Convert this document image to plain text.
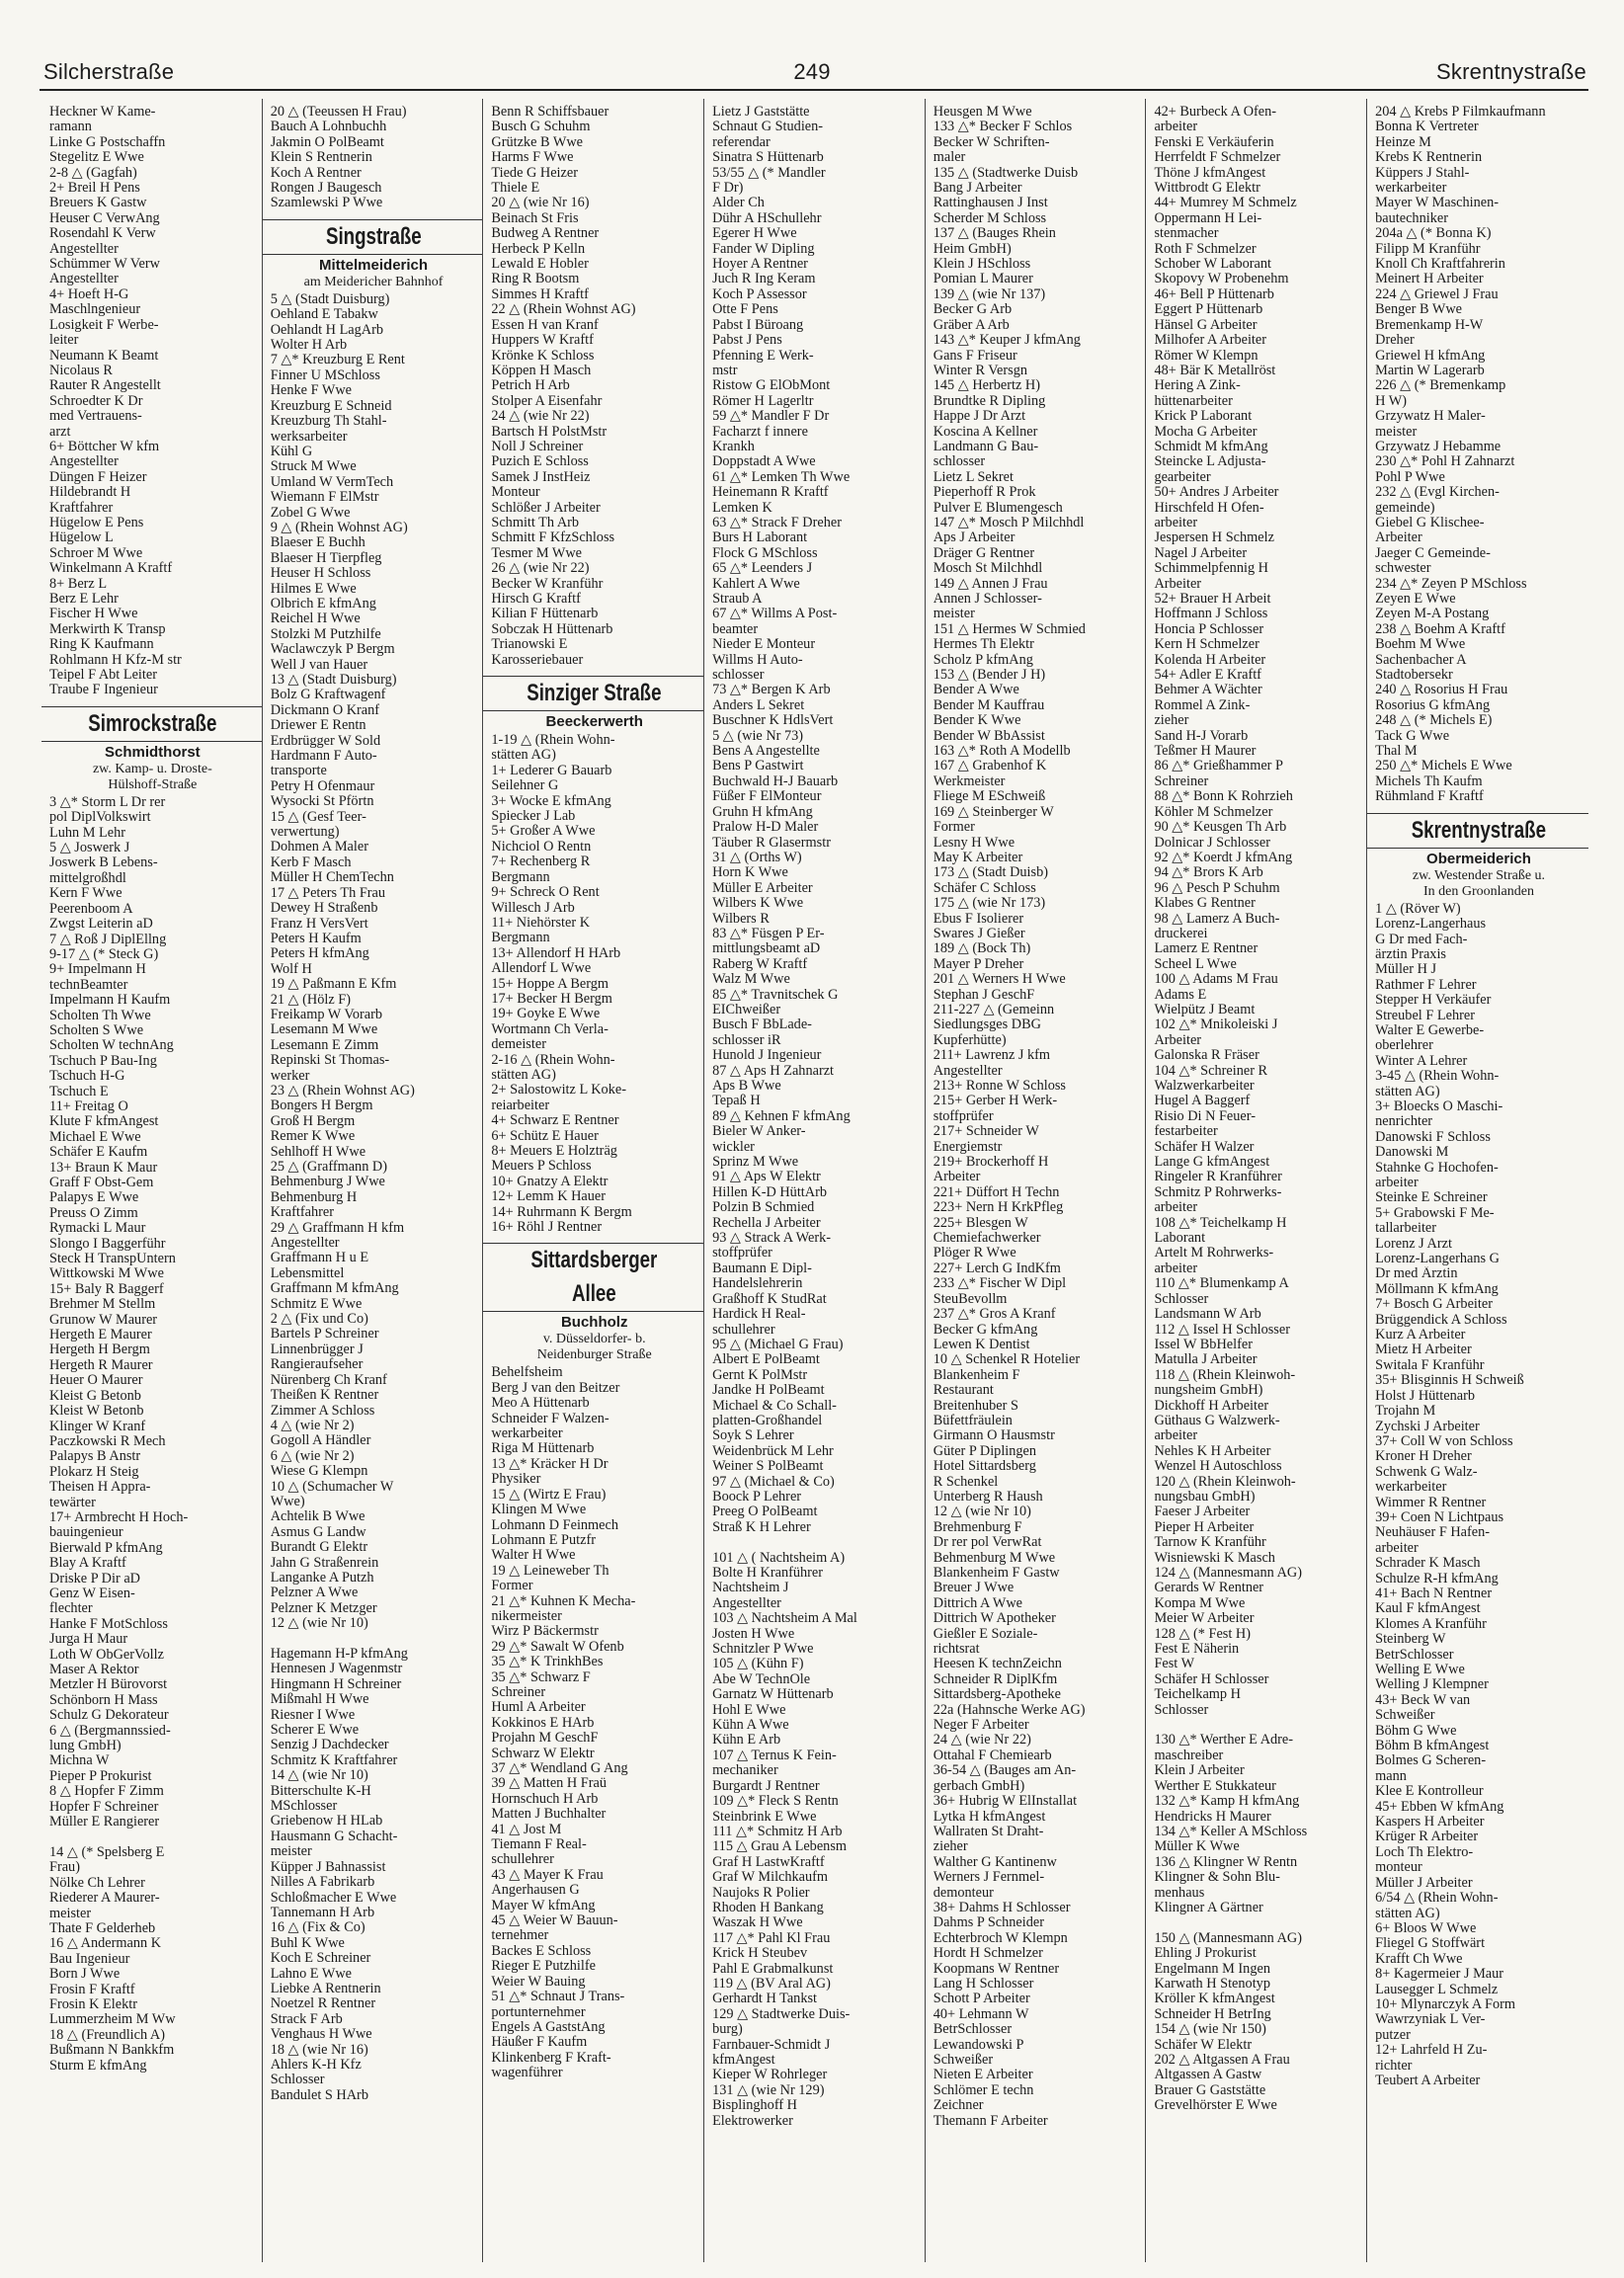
Silcherstraße	249	Skrentnystraße
Heckner W Kame-
ramann
Linke G Postschaffn
Stegelitz E Wwe
2-8 △ (Gagfah)
2+ Breil H Pens
Breuers K Gastw
Heuser C VerwAng
Rosendahl K Verw
Angestellter
Schümmer W Verw
Angestellter
4+ Hoeft H-G
Maschlngenieur
Losigkeit F Werbe-
leiter
Neumann K Beamt
Nicolaus R
Rauter R Angestellt
Schroedter K Dr
med Vertrauens-
arzt
6+ Böttcher W kfm
Angestellter
Düngen F Heizer
Hildebrandt H
Kraftfahrer
Hügelow E Pens
Hügelow L
Schroer M Wwe
Winkelmann A Kraftf
8+ Berz L
Berz E Lehr
Fischer H Wwe
Merkwirth K Transp
Ring K Kaufmann
Rohlmann H Kfz-M str
Teipel F Abt Leiter
Traube F Ingenieur
Simrockstraße
Schmidthorst
zw. Kamp- u. Droste-
Hülshoff-Straße
3 △* Storm L Dr rer
pol DiplVolkswirt
Luhn M Lehr
5 △ Joswerk J
Joswerk B Lebens-
mittelgroßhdl
Kern F Wwe
Peerenboom A
Zwgst Leiterin aD
7 △ Roß J DiplEllng
9-17 △ (* Steck G)
9+ Impelmann H
technBeamter
Impelmann H Kaufm
Scholten Th Wwe
Scholten S Wwe
Scholten W technAng
Tschuch P Bau-Ing
Tschuch H-G
Tschuch E
11+ Freitag O
Klute F kfmAngest
Michael E Wwe
Schäfer E Kaufm
13+ Braun K Maur
Graff F Obst-Gem
Palapys E Wwe
Preuss O Zimm
Rymacki L Maur
Slongo I Baggerführ
Steck H TranspUntern
Wittkowski M Wwe
15+ Baly R Baggerf
Brehmer M Stellm
Grunow W Maurer
Hergeth E Maurer
Hergeth H Bergm
Hergeth R Maurer
Heuer O Maurer
Kleist G Betonb
Kleist W Betonb
Klinger W Kranf
Paczkowski R Mech
Palapys B Anstr
Plokarz H Steig
Theisen H Appra-
tewärter
17+ Armbrecht H Hoch-
bauingenieur
Bierwald P kfmAng
Blay A Kraftf
Driske P Dir aD
Genz W Eisen-
flechter
Hanke F MotSchloss
Jurga H Maur
Loth W ObGerVollz
Maser A Rektor
Metzler H Bürovorst
Schönborn H Mass
Schulz G Dekorateur
6 △ (Bergmannssied-
lung GmbH)
Michna W
Pieper P Prokurist
8 △ Hopfer F Zimm
Hopfer F Schreiner
Müller E Rangierer

14 △ (* Spelsberg E
Frau)
Nölke Ch Lehrer
Riederer A Maurer-
meister
Thate F Gelderheb
16 △ Andermann K
Bau Ingenieur
Born J Wwe
Frosin F Kraftf
Frosin K Elektr
Lummerzheim M Ww
18 △ (Freundlich A)
Bußmann N Bankkfm
Sturm E kfmAng
20 △ (Teeussen H Frau)
Bauch A Lohnbuchh
Jakmin O PolBeamt
Klein S Rentnerin
Koch A Rentner
Rongen J Baugesch
Szamlewski P Wwe
Singstraße
Mittelmeiderich
am Meidericher Bahnhof
5 △ (Stadt Duisburg)
Oehland E Tabakw
Oehlandt H LagArb
Wolter H Arb
7 △* Kreuzburg E Rent
Finner U MSchloss
Henke F Wwe
Kreuzburg E Schneid
Kreuzburg Th Stahl-
werksarbeiter
Kühl G
Struck M Wwe
Umland W VermTech
Wiemann F ElMstr
Zobel G Wwe
9 △ (Rhein Wohnst AG)
Blaeser E Buchh
Blaeser H Tierpfleg
Heuser H Schloss
Hilmes E Wwe
Olbrich E kfmAng
Reichel H Wwe
Stolzki M Putzhilfe
Waclawczyk P Bergm
Well J van Hauer
13 △ (Stadt Duisburg)
Bolz G Kraftwagenf
Dickmann O Kranf
Driewer E Rentn
Erdbrügger W Sold
Hardmann F Auto-
transporte
Petry H Ofenmaur
Wysocki St Pförtn
15 △ (Gesf Teer-
verwertung)
Dohmen A Maler
Kerb F Masch
Müller H ChemTechn
17 △ Peters Th Frau
Dewey H Straßenb
Franz H VersVert
Peters H Kaufm
Peters H kfmAng
Wolf H
19 △ Paßmann E Kfm
21 △ (Hölz F)
Freikamp W Vorarb
Lesemann M Wwe
Lesemann E Zimm
Repinski St Thomas-
werker
23 △ (Rhein Wohnst AG)
Bongers H Bergm
Groß H Bergm
Remer K Wwe
Sehlhoff H Wwe
25 △ (Graffmann D)
Behmenburg J Wwe
Behmenburg H
Kraftfahrer
29 △ Graffmann H kfm
Angestellter
Graffmann H u E
Lebensmittel
Graffmann M kfmAng
Schmitz E Wwe
2 △ (Fix und Co)
Bartels P Schreiner
Linnenbrügger J
Rangieraufseher
Nürenberg Ch Kranf
Theißen K Rentner
Zimmer A Schloss
4 △ (wie Nr 2)
Gogoll A Händler
6 △ (wie Nr 2)
Wiese G Klempn
10 △ (Schumacher W
Wwe)
Achtelik B Wwe
Asmus G Landw
Burandt G Elektr
Jahn G Straßenrein
Langanke A Putzh
Pelzner A Wwe
Pelzner K Metzger
12 △ (wie Nr 10)

Hagemann H-P kfmAng
Hennesen J Wagenmstr
Hingmann H Schreiner
Mißmahl H Wwe
Riesner I Wwe
Scherer E Wwe
Senzig J Dachdecker
Schmitz K Kraftfahrer
14 △ (wie Nr 10)
Bitterschulte K-H
MSchlosser
Griebenow H HLab
Hausmann G Schacht-
meister
Küpper J Bahnassist
Nilles A Fabrikarb
Schloßmacher E Wwe
Tannemann H Arb
16 △ (Fix & Co)
Buhl K Wwe
Koch E Schreiner
Lahno E Wwe
Liebke A Rentnerin
Noetzel R Rentner
Strack F Arb
Venghaus H Wwe
18 △ (wie Nr 16)
Ahlers K-H Kfz
Schlosser
Bandulet S HArb
Benn R Schiffsbauer
Busch G Schuhm
Grützke B Wwe
Harms F Wwe
Tiede G Heizer
Thiele E
20 △ (wie Nr 16)
Beinach St Fris
Budweg A Rentner
Herbeck P Kelln
Lewald E Hobler
Ring R Bootsm
Simmes H Kraftf
22 △ (Rhein Wohnst AG)
Essen H van Kranf
Huppers W Kraftf
Krönke K Schloss
Köppen H Masch
Petrich H Arb
Stolper A Eisenfahr
24 △ (wie Nr 22)
Bartsch H PolstMstr
Noll J Schreiner
Puzich E Schloss
Samek J InstHeiz
Monteur
Schlößer J Arbeiter
Schmitt Th Arb
Schmitt F KfzSchloss
Tesmer M Wwe
26 △ (wie Nr 22)
Becker W Kranführ
Hirsch G Kraftf
Kilian F Hüttenarb
Sobczak H Hüttenarb
Trianowski E
Karosseriebauer
Sinziger Straße
Beeckerwerth
1-19 △ (Rhein Wohn-
stätten AG)
1+ Lederer G Bauarb
Seilehner G
3+ Wocke E kfmAng
Spiecker J Lab
5+ Großer A Wwe
Nichciol O Rentn
7+ Rechenberg R
Bergmann
9+ Schreck O Rent
Willesch J Arb
11+ Niehörster K
Bergmann
13+ Allendorf H HArb
Allendorf L Wwe
15+ Hoppe A Bergm
17+ Becker H Bergm
19+ Goyke E Wwe
Wortmann Ch Verla-
demeister
2-16 △ (Rhein Wohn-
stätten AG)
2+ Salostowitz L Koke-
reiarbeiter
4+ Schwarz E Rentner
6+ Schütz E Hauer
8+ Meuers E Holzträg
Meuers P Schloss
10+ Gnatzy A Elektr
12+ Lemm K Hauer
14+ Ruhrmann K Bergm
16+ Röhl J Rentner
Sittardsberger Allee
Buchholz
v. Düsseldorfer- b.
Neidenburger Straße
Behelfsheim
Berg J van den Beitzer
Meo A Hüttenarb
Schneider F Walzen-
werkarbeiter
Riga M Hüttenarb
13 △* Kräcker H Dr
Physiker
15 △ (Wirtz E Frau)
Klingen M Wwe
Lohmann D Feinmech
Lohmann E Putzfr
Walter H Wwe
19 △ Leineweber Th
Former
21 △* Kuhnen K Mecha-
nikermeister
Wirz P Bäckermstr
29 △* Sawalt W Ofenb
35 △* K TrinkhBes
35 △* Schwarz F
Schreiner
Huml A Arbeiter
Kokkinos E HArb
Projahn M GeschF
Schwarz W Elektr
37 △* Wendland G Ang
39 △ Matten H Fraü
Hornschuch H Arb
Matten J Buchhalter
41 △ Jost M
Tiemann F Real-
schullehrer
43 △ Mayer K Frau
Angerhausen G
Mayer W kfmAng
45 △ Weier W Bauun-
ternehmer
Backes E Schloss
Rieger E Putzhilfe
Weier W Bauing
51 △* Schnaut J Trans-
portunternehmer
Engels A GaststAng
Häußer F Kaufm
Klinkenberg F Kraft-
wagenführer
Lietz J Gaststätte
Schnaut G Studien-
referendar
Sinatra S Hüttenarb
53/55 △ (* Mandler
F Dr)
Alder Ch
Dühr A HSchullehr
Egerer H Wwe
Fander W Dipling
Hoyer A Rentner
Juch R Ing Keram
Koch P Assessor
Otte F Pens
Pabst I Büroang
Pabst J Pens
Pfenning E Werk-
mstr
Ristow G ElObMont
Römer H Lagerltr
59 △* Mandler F Dr
Facharzt f innere
Krankh
Doppstadt A Wwe
61 △* Lemken Th Wwe
Heinemann R Kraftf
Lemken K
63 △* Strack F Dreher
Burs H Laborant
Flock G MSchloss
65 △* Leenders J
Kahlert A Wwe
Straub A
67 △* Willms A Post-
beamter
Nieder E Monteur
Willms H Auto-
schlosser
73 △* Bergen K Arb
Anders L Sekret
Buschner K HdlsVert
5 △ (wie Nr 73)
Bens A Angestellte
Bens P Gastwirt
Buchwald H-J Bauarb
Füßer F ElMonteur
Gruhn H kfmAng
Pralow H-D Maler
Täuber R Glasermstr
31 △ (Orths W)
Horn K Wwe
Müller E Arbeiter
Wilbers K Wwe
Wilbers R
83 △* Füsgen P Er-
mittlungsbeamt aD
Raberg W Kraftf
Walz M Wwe
85 △* Travnitschek G
EIChweißer
Busch F BbLade-
schlosser iR
Hunold J Ingenieur
87 △ Aps H Zahnarzt
Aps B Wwe
Tepaß H
89 △ Kehnen F kfmAng
Bieler W Anker-
wickler
Sprinz M Wwe
91 △ Aps W Elektr
Hillen K-D HüttArb
Polzin B Schmied
Rechella J Arbeiter
93 △ Strack A Werk-
stoffprüfer
Baumann E Dipl-
Handelslehrerin
Graßhoff K StudRat
Hardick H Real-
schullehrer
95 △ (Michael G Frau)
Albert E PolBeamt
Gernt K PolMstr
Jandke H PolBeamt
Michael & Co Schall-
platten-Großhandel
Soyk S Lehrer
Weidenbrück M Lehr
Weiner S PolBeamt
97 △ (Michael & Co)
Boock P Lehrer
Preeg O PolBeamt
Straß K H Lehrer

101 △ ( Nachtsheim A)
Bolte H Kranführer
Nachtsheim J
Angestellter
103 △ Nachtsheim A Mal
Josten H Wwe
Schnitzler P Wwe
105 △ (Kühn F)
Abe W TechnOle
Garnatz W Hüttenarb
Hohl E Wwe
Kühn A Wwe
Kühn E Arb
107 △ Ternus K Fein-
mechaniker
Burgardt J Rentner
109 △* Fleck S Rentn
Steinbrink E Wwe
111 △* Schmitz H Arb
115 △ Grau A Lebensm
Graf H LastwKraftf
Graf W Milchkaufm
Naujoks R Polier
Rhoden H Bankang
Waszak H Wwe
117 △* Pahl Kl Frau
Krick H Steubev
Pahl E Grabmalkunst
119 △ (BV Aral AG)
Gerhardt H Tankst
129 △ Stadtwerke Duis-
burg)
Farnbauer-Schmidt J
kfmAngest
Kieper W Rohrleger
131 △ (wie Nr 129)
Bisplinghoff H
Elektrowerker
Heusgen M Wwe
133 △* Becker F Schlos
Becker W Schriften-
maler
135 △ (Stadtwerke Duisb
Bang J Arbeiter
Rattinghausen J Inst
Scherder M Schloss
137 △ (Bauges Rhein
Heim GmbH)
Klein J HSchloss
Pomian L Maurer
139 △ (wie Nr 137)
Becker G Arb
Gräber A Arb
143 △* Keuper J kfmAng
Gans F Friseur
Winter R Versgn
145 △ Herbertz H)
Brundtke R Dipling
Happe J Dr Arzt
Koscina A Kellner
Landmann G Bau-
schlosser
Lietz L Sekret
Pieperhoff R Prok
Pulver E Blumengesch
147 △* Mosch P Milchhdl
Aps J Arbeiter
Dräger G Rentner
Mosch St Milchhdl
149 △ Annen J Frau
Annen J Schlosser-
meister
151 △ Hermes W Schmied
Hermes Th Elektr
Scholz P kfmAng
153 △ (Bender J H)
Bender A Wwe
Bender M Kauffrau
Bender K Wwe
Bender W BbAssist
163 △* Roth A Modellb
167 △ Grabenhof K
Werkmeister
Fliege M ESchweiß
169 △ Steinberger W
Former
Lesny H Wwe
May K Arbeiter
173 △ (Stadt Duisb)
Schäfer C Schloss
175 △ (wie Nr 173)
Ebus F Isolierer
Swares J Gießer
189 △ (Bock Th)
Mayer P Dreher
201 △ Werners H Wwe
Stephan J GeschF
211-227 △ (Gemeinn
Siedlungsges DBG
Kupferhütte)
211+ Lawrenz J kfm
Angestellter
213+ Ronne W Schloss
215+ Gerber H Werk-
stoffprüfer
217+ Schneider W
Energiemstr
219+ Brockerhoff H
Arbeiter
221+ Düffort H Techn
223+ Nern H KrkPfleg
225+ Blesgen W
Chemiefachwerker
Plöger R Wwe
227+ Lerch G IndKfm
233 △* Fischer W Dipl
SteuBevollm
237 △* Gros A Kranf
Becker G kfmAng
Lewen K Dentist
10 △ Schenkel R Hotelier
Blankenheim F
Restaurant
Breitenhuber S
Büfettfräulein
Girmann O Hausmstr
Güter P Diplingen
Hotel Sittardsberg
R Schenkel
Unterberg R Haush
12 △ (wie Nr 10)
Brehmenburg F
Dr rer pol VerwRat
Behmenburg M Wwe
Blankenheim F Gastw
Breuer J Wwe
Dittrich A Wwe
Dittrich W Apotheker
Gießler E Soziale-
richtsrat
Heesen K technZeichn
Schneider R DiplKfm
Sittardsberg-Apotheke
22a (Hahnsche Werke AG)
Neger F Arbeiter
24 △ (wie Nr 22)
Ottahal F Chemiearb
36-54 △ (Bauges am An-
gerbach GmbH)
36+ Hubrig W ElInstallat
Lytka H kfmAngest
Wallraten St Draht-
zieher
Walther G Kantinenw
Werners J Fernmel-
demonteur
38+ Dahms H Schlosser
Dahms P Schneider
Echterbroch W Klempn
Hordt H Schmelzer
Koopmans W Rentner
Lang H Schlosser
Schott P Arbeiter
40+ Lehmann W
BetrSchlosser
Lewandowski P
Schweißer
Nieten E Arbeiter
Schlömer E techn
Zeichner
Themann F Arbeiter
42+ Burbeck A Ofen-
arbeiter
Fenski E Verkäuferin
Herrfeldt F Schmelzer
Thöne J kfmAngest
Wittbrodt G Elektr
44+ Mumrey M Schmelz
Oppermann H Lei-
stenmacher
Roth F Schmelzer
Schober W Laborant
Skopovy W Probenehm
46+ Bell P Hüttenarb
Eggert P Hüttenarb
Hänsel G Arbeiter
Milhofer A Arbeiter
Römer W Klempn
48+ Bär K Metallröst
Hering A Zink-
hüttenarbeiter
Krick P Laborant
Mocha G Arbeiter
Schmidt M kfmAng
Steincke L Adjusta-
gearbeiter
50+ Andres J Arbeiter
Hirschfeld H Ofen-
arbeiter
Jespersen H Schmelz
Nagel J Arbeiter
Schimmelpfennig H
Arbeiter
52+ Brauer H Arbeit
Hoffmann J Schloss
Honcia P Schlosser
Kern H Schmelzer
Kolenda H Arbeiter
54+ Adler E Kraftf
Behmer A Wächter
Rommel A Zink-
zieher
Sand H-J Vorarb
Teßmer H Maurer
86 △* Grießhammer P
Schreiner
88 △* Bonn K Rohrzieh
Köhler M Schmelzer
90 △* Keusgen Th Arb
Dolnicar J Schlosser
92 △* Koerdt J kfmAng
94 △* Brors K Arb
96 △ Pesch P Schuhm
Klabes G Rentner
98 △ Lamerz A Buch-
druckerei
Lamerz E Rentner
Scheel L Wwe
100 △ Adams M Frau
Adams E
Wielpütz J Beamt
102 △* Mnikoleiski J
Arbeiter
Galonska R Fräser
104 △* Schreiner R
Walzwerkarbeiter
Hugel A Baggerf
Risio Di N Feuer-
festarbeiter
Schäfer H Walzer
Lange G kfmAngest
Ringeler R Kranführer
Schmitz P Rohrwerks-
arbeiter
108 △* Teichelkamp H
Laborant
Artelt M Rohrwerks-
arbeiter
110 △* Blumenkamp A
Schlosser
Landsmann W Arb
112 △ Issel H Schlosser
Issel W BbHelfer
Matulla J Arbeiter
118 △ (Rhein Kleinwoh-
nungsheim GmbH)
Dickhoff H Arbeiter
Güthaus G Walzwerk-
arbeiter
Nehles K H Arbeiter
Wenzel H Autoschloss
120 △ (Rhein Kleinwoh-
nungsbau GmbH)
Faeser J Arbeiter
Pieper H Arbeiter
Tarnow K Kranführ
Wisniewski K Masch
124 △ (Mannesmann AG)
Gerards W Rentner
Kompa M Wwe
Meier W Arbeiter
128 △ (* Fest H)
Fest E Näherin
Fest W
Schäfer H Schlosser
Teichelkamp H
Schlosser

130 △* Werther E Adre-
maschreiber
Klein J Arbeiter
Werther E Stukkateur
132 △* Kamp H kfmAng
Hendricks H Maurer
134 △* Keller A MSchloss
Müller K Wwe
136 △ Klingner W Rentn
Klingner & Sohn Blu-
menhaus
Klingner A Gärtner

150 △ (Mannesmann AG)
Ehling J Prokurist
Engelmann M Ingen
Karwath H Stenotyp
Kröller K kfmAngest
Schneider H BetrIng
154 △ (wie Nr 150)
Schäfer W Elektr
202 △ Altgassen A Frau
Altgassen A Gastw
Brauer G Gaststätte
Grevelhörster E Wwe
204 △ Krebs P Filmkaufmann
Bonna K Vertreter
Heinze M
Krebs K Rentnerin
Küppers J Stahl-
werkarbeiter
Mayer W Maschinen-
bautechniker
204a △ (* Bonna K)
Filipp M Kranführ
Knoll Ch Kraftfahrerin
Meinert H Arbeiter
224 △ Griewel J Frau
Benger B Wwe
Bremenkamp H-W
Dreher
Griewel H kfmAng
Martin W Lagerarb
226 △ (* Bremenkamp
H W)
Grzywatz H Maler-
meister
Grzywatz J Hebamme
230 △* Pohl H Zahnarzt
Pohl P Wwe
232 △ (Evgl Kirchen-
gemeinde)
Giebel G Klischee-
Arbeiter
Jaeger C Gemeinde-
schwester
234 △* Zeyen P MSchloss
Zeyen E Wwe
Zeyen M-A Postang
238 △ Boehm A Kraftf
Boehm M Wwe
Sachenbacher A
Stadtobersekr
240 △ Rosorius H Frau
Rosorius G kfmAng
248 △ (* Michels E)
Tack G Wwe
Thal M
250 △* Michels E Wwe
Michels Th Kaufm
Rühmland F Kraftf
Skrentnystraße
Obermeiderich
zw. Westender Straße u.
In den Groonlanden
1 △ (Röver W)
Lorenz-Langerhaus
G Dr med Fach-
ärztin Praxis
Müller H J
Rathmer F Lehrer
Stepper H Verkäufer
Streubel F Lehrer
Walter E Gewerbe-
oberlehrer
Winter A Lehrer
3-45 △ (Rhein Wohn-
stätten AG)
3+ Bloecks O Maschi-
nenrichter
Danowski F Schloss
Danowski M
Stahnke G Hochofen-
arbeiter
Steinke E Schreiner
5+ Grabowski F Me-
tallarbeiter
Lorenz J Arzt
Lorenz-Langerhans G
Dr med Ärztin
Möllmann K kfmAng
7+ Bosch G Arbeiter
Brüggendick A Schloss
Kurz A Arbeiter
Mietz H Arbeiter
Switala F Kranführ
35+ Blisginnis H Schweiß
Holst J Hüttenarb
Trojahn M
Zychski J Arbeiter
37+ Coll W von Schloss
Kroner H Dreher
Schwenk G Walz-
werkarbeiter
Wimmer R Rentner
39+ Coen N Lichtpaus
Neuhäuser F Hafen-
arbeiter
Schrader K Masch
Schulze R-H kfmAng
41+ Bach N Rentner
Kaul F kfmAngest
Klomes A Kranführ
Steinberg W
BetrSchlosser
Welling E Wwe
Welling J Klempner
43+ Beck W van
Schweißer
Böhm G Wwe
Böhm B kfmAngest
Bolmes G Scheren-
mann
Klee E Kontrolleur
45+ Ebben W kfmAng
Kaspers H Arbeiter
Krüger R Arbeiter
Loch Th Elektro-
monteur
Müller J Arbeiter
6/54 △ (Rhein Wohn-
stätten AG)
6+ Bloos W Wwe
Fliegel G Stoffwärt
Krafft Ch Wwe
8+ Kagermeier J Maur
Lausegger L Schmelz
10+ Mlynarczyk A Form
Wawrzyniak L Ver-
putzer
12+ Lahrfeld H Zu-
richter
Teubert A Arbeiter
